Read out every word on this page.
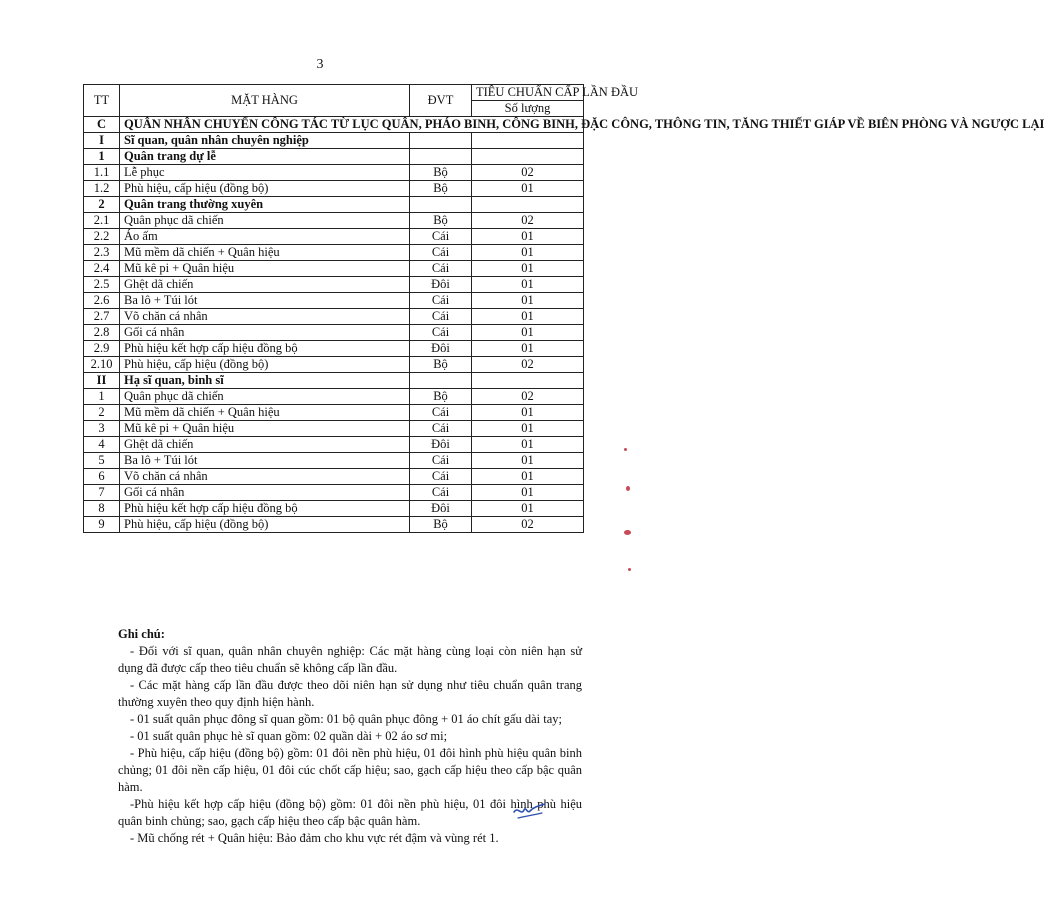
3
TT	MẶT HÀNG	ĐVT	TIÊU CHUẨN CẤP LẦN ĐẦU
			Số lượng
C	QUÂN NHÂN CHUYỂN CÔNG TÁC TỪ LỤC QUÂN, PHÁO BINH, CÔNG BINH, ĐẶC CÔNG, THÔNG TIN, TĂNG THIẾT GIÁP VỀ BIÊN PHÒNG VÀ NGƯỢC LẠI		
I	Sĩ quan, quân nhân chuyên nghiệp		
1	Quân trang dự lễ		
1.1	Lễ phục	Bộ	02
1.2	Phù hiệu, cấp hiệu (đồng bộ)	Bộ	01
2	Quân trang thường xuyên		
2.1	Quân phục dã chiến	Bộ	02
2.2	Áo ấm	Cái	01
2.3	Mũ mềm dã chiến + Quân hiệu	Cái	01
2.4	Mũ kê pi + Quân hiệu	Cái	01
2.5	Ghệt dã chiến	Đôi	01
2.6	Ba lô + Túi lót	Cái	01
2.7	Võ chăn cá nhân	Cái	01
2.8	Gối cá nhân	Cái	01
2.9	Phù hiệu kết hợp cấp hiệu đồng bộ	Đôi	01
2.10	Phù hiệu, cấp hiệu (đồng bộ)	Bộ	02
II	Hạ sĩ quan, binh sĩ		
1	Quân phục dã chiến	Bộ	02
2	Mũ mềm dã chiến + Quân hiệu	Cái	01
3	Mũ kê pi + Quân hiệu	Cái	01
4	Ghệt dã chiến	Đôi	01
5	Ba lô + Túi lót	Cái	01
6	Võ chăn cá nhân	Cái	01
7	Gối cá nhân	Cái	01
8	Phù hiệu kết hợp cấp hiệu đồng bộ	Đôi	01
9	Phù hiệu, cấp hiệu (đồng bộ)	Bộ	02

Ghi chú:

- Đối với sĩ quan, quân nhân chuyên nghiệp: Các mặt hàng cùng loại còn niên hạn sử dụng đã được cấp theo tiêu chuẩn sẽ không cấp lần đầu.

- Các mặt hàng cấp lần đầu được theo dõi niên hạn sử dụng như tiêu chuẩn quân trang thường xuyên theo quy định hiện hành.

- 01 suất quân phục đông sĩ quan gồm: 01 bộ quân phục đông + 01 áo chít gấu dài tay;

- 01 suất quân phục hè sĩ quan gồm: 02 quần dài + 02 áo sơ mi;

- Phù hiệu, cấp hiệu (đồng bộ) gồm: 01 đôi nền phù hiệu, 01 đôi hình phù hiệu quân binh chủng; 01 đôi nền cấp hiệu, 01 đôi cúc chốt cấp hiệu; sao, gạch cấp hiệu theo cấp bậc quân hàm.

-Phù hiệu kết hợp cấp hiệu (đồng bộ) gồm: 01 đôi nền phù hiệu, 01 đôi hình phù hiệu quân binh chủng; sao, gạch cấp hiệu theo cấp bậc quân hàm.

- Mũ chống rét + Quân hiệu: Bảo đảm cho khu vực rét đậm và vùng rét 1.
